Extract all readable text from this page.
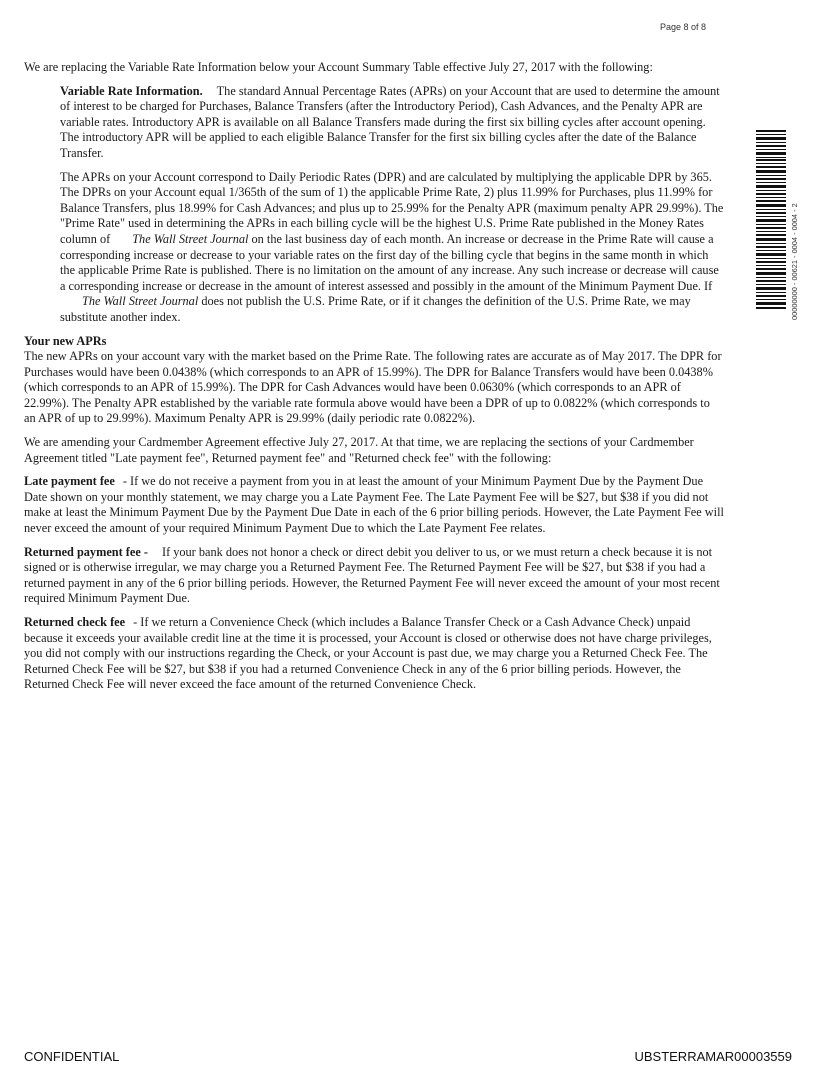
Page 8 of 8

We are replacing the Variable Rate Information below your Account Summary Table effective July 27, 2017 with the following:

Variable Rate Information. The standard Annual Percentage Rates (APRs) on your Account that are used to determine the amount of interest to be charged for Purchases, Balance Transfers (after the Introductory Period), Cash Advances, and the Penalty APR are variable rates. Introductory APR is available on all Balance Transfers made during the first six billing cycles after account opening. The introductory APR will be applied to each eligible Balance Transfer for the first six billing cycles after the date of the Balance Transfer.

The APRs on your Account correspond to Daily Periodic Rates (DPR) and are calculated by multiplying the applicable DPR by 365. The DPRs on your Account equal 1/365th of the sum of 1) the applicable Prime Rate, 2) plus 11.99% for Purchases, plus 11.99% for Balance Transfers, plus 18.99% for Cash Advances; and plus up to 25.99% for the Penalty APR (maximum penalty APR 29.99%). The "Prime Rate" used in determining the APRs in each billing cycle will be the highest U.S. Prime Rate published in the Money Rates column of The Wall Street Journal on the last business day of each month. An increase or decrease in the Prime Rate will cause a corresponding increase or decrease to your variable rates on the first day of the billing cycle that begins in the same month in which the applicable Prime Rate is published. There is no limitation on the amount of any increase. Any such increase or decrease will cause a corresponding increase or decrease in the amount of interest assessed and possibly in the amount of the Minimum Payment Due. IfThe Wall Street Journal does not publish the U.S. Prime Rate, or if it changes the definition of the U.S. Prime Rate, we may substitute another index.

Your new APRs

The new APRs on your account vary with the market based on the Prime Rate. The following rates are accurate as of May 2017. The DPR for Purchases would have been 0.0438% (which corresponds to an APR of 15.99%). The DPR for Balance Transfers would have been 0.0438% (which corresponds to an APR of 15.99%). The DPR for Cash Advances would have been 0.0630% (which corresponds to an APR of 22.99%). The Penalty APR established by the variable rate formula above would have been a DPR of up to 0.0822% (which corresponds to an APR of up to 29.99%). Maximum Penalty APR is 29.99% (daily periodic rate 0.0822%).

We are amending your Cardmember Agreement effective July 27, 2017. At that time, we are replacing the sections of your Cardmember Agreement titled "Late payment fee", Returned payment fee" and "Returned check fee" with the following:

Late payment fee - If we do not receive a payment from you in at least the amount of your Minimum Payment Due by the Payment Due Date shown on your monthly statement, we may charge you a Late Payment Fee. The Late Payment Fee will be $27, but $38 if you did not make at least the Minimum Payment Due by the Payment Due Date in each of the 6 prior billing periods. However, the Late Payment Fee will never exceed the amount of your required Minimum Payment Due to which the Late Payment Fee relates.

Returned payment fee - If your bank does not honor a check or direct debit you deliver to us, or we must return a check because it is not signed or is otherwise irregular, we may charge you a Returned Payment Fee. The Returned Payment Fee will be $27, but $38 if you had a returned payment in any of the 6 prior billing periods. However, the Returned Payment Fee will never exceed the amount of your most recent required Minimum Payment Due.

Returned check fee - If we return a Convenience Check (which includes a Balance Transfer Check or a Cash Advance Check) unpaid because it exceeds your available credit line at the time it is processed, your Account is closed or otherwise does not have charge privileges, you did not comply with our instructions regarding the Check, or your Account is past due, we may charge you a Returned Check Fee. The Returned Check Fee will be $27, but $38 if you had a returned Convenience Check in any of the 6 prior billing periods. However, the Returned Check Fee will never exceed the face amount of the returned Convenience Check.

00000000 - 00621 - 0004 - 0004 - 2
CONFIDENTIAL	UBSTERRAMAR00003559
